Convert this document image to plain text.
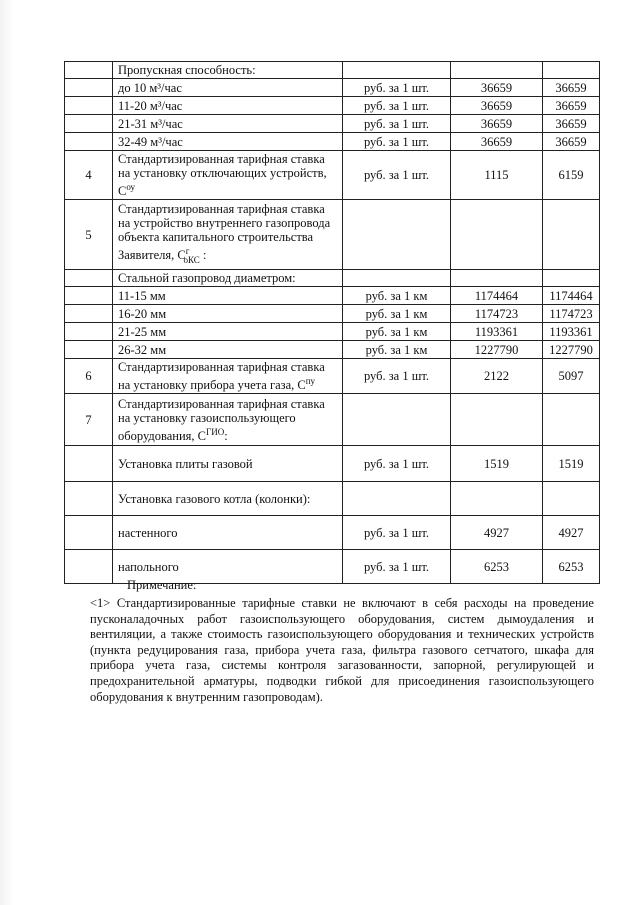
	Пропускная способность:			
	до 10 м³/час	руб. за 1 шт.	36659	36659
	11-20 м³/час	руб. за 1 шт.	36659	36659
	21-31 м³/час	руб. за 1 шт.	36659	36659
	32-49 м³/час	руб. за 1 шт.	36659	36659
4	Стандартизированная тарифная ставка на установку отключающих устройств, $C^{оу}$	руб. за 1 шт.	1115	6159
5	Стандартизированная тарифная ставка на устройство внутреннего газопровода объекта капитального строительства Заявителя, $C^г_{оКС}$ :			
	Стальной газопровод диаметром:			
	11-15 мм	руб. за 1 км	1174464	1174464
	16-20 мм	руб. за 1 км	1174723	1174723
	21-25 мм	руб. за 1 км	1193361	1193361
	26-32 мм	руб. за 1 км	1227790	1227790
6	Стандартизированная тарифная ставка на установку прибора учета газа, $C^{пу}$	руб. за 1 шт.	2122	5097
7	Стандартизированная тарифная ставка на установку газоиспользующего оборудования, $C^{ГИО}$:			
	Установка плиты газовой	руб. за 1 шт.	1519	1519
	Установка газового котла (колонки):			
	настенного	руб. за 1 шт.	4927	4927
	напольного	руб. за 1 шт.	6253	6253
Примечание:
<1> Стандартизированные тарифные ставки не включают в себя расходы на проведение пусконаладочных работ газоиспользующего оборудования, систем дымоудаления и вентиляции, а также стоимость газоиспользующего оборудования и технических устройств (пункта редуцирования газа, прибора учета газа, фильтра газового сетчатого, шкафа для прибора учета газа, системы контроля загазованности, запорной, регулирующей и предохранительной арматуры, подводки гибкой для присоединения газоиспользующего оборудования к внутренним газопроводам).
